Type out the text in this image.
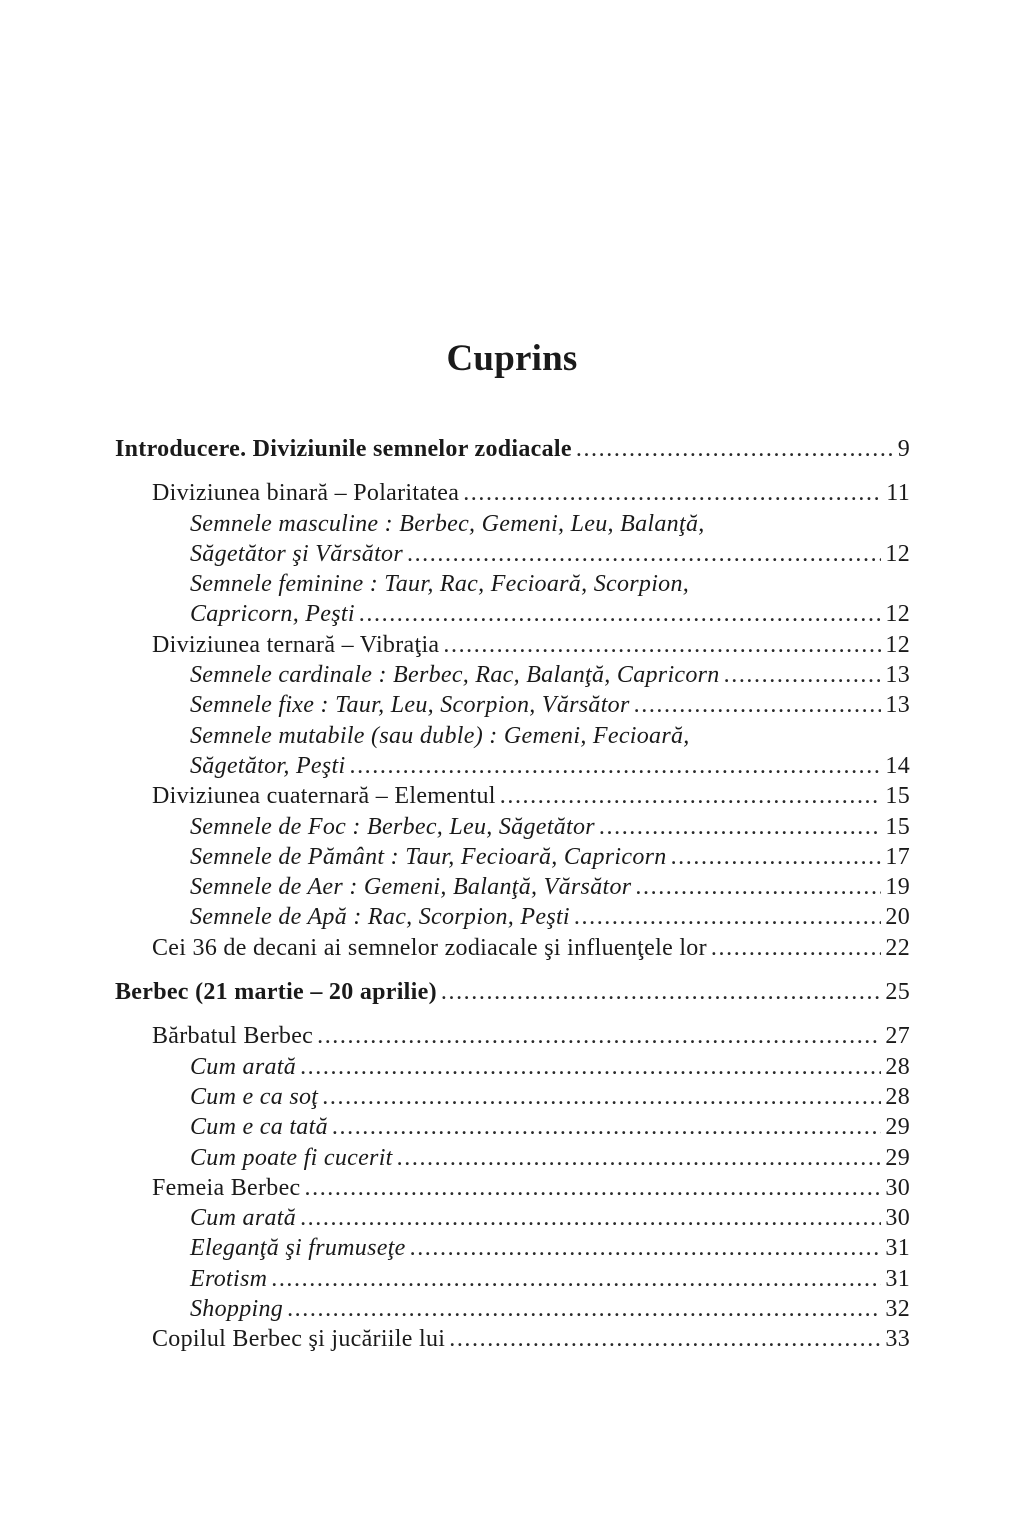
Cuprins
Introducere. Diviziunile semnelor zodiacale .....	9
Diviziunea binară – Polaritatea .....	11
Semnele masculine : Berbec, Gemeni, Leu, Balanţă,
Săgetător şi Vărsător .....	12
Semnele feminine : Taur, Rac, Fecioară, Scorpion,
Capricorn, Peşti .....	12
Diviziunea ternară – Vibraţia .....	12
Semnele cardinale : Berbec, Rac, Balanţă, Capricorn .....	13
Semnele fixe : Taur, Leu, Scorpion, Vărsător .....	13
Semnele mutabile (sau duble) : Gemeni, Fecioară,
Săgetător, Peşti .....	14
Diviziunea cuaternară – Elementul .....	15
Semnele de Foc : Berbec, Leu, Săgetător .....	15
Semnele de Pământ : Taur, Fecioară, Capricorn .....	17
Semnele de Aer : Gemeni, Balanţă, Vărsător .....	19
Semnele de Apă : Rac, Scorpion, Peşti .....	20
Cei 36 de decani ai semnelor zodiacale şi influenţele lor .....	22
Berbec (21 martie – 20 aprilie) .....	25
Bărbatul Berbec .....	27
Cum arată .....	28
Cum e ca soţ .....	28
Cum e ca tată .....	29
Cum poate fi cucerit .....	29
Femeia Berbec .....	30
Cum arată .....	30
Eleganţă şi frumuseţe .....	31
Erotism .....	31
Shopping .....	32
Copilul Berbec şi jucăriile lui .....	33
